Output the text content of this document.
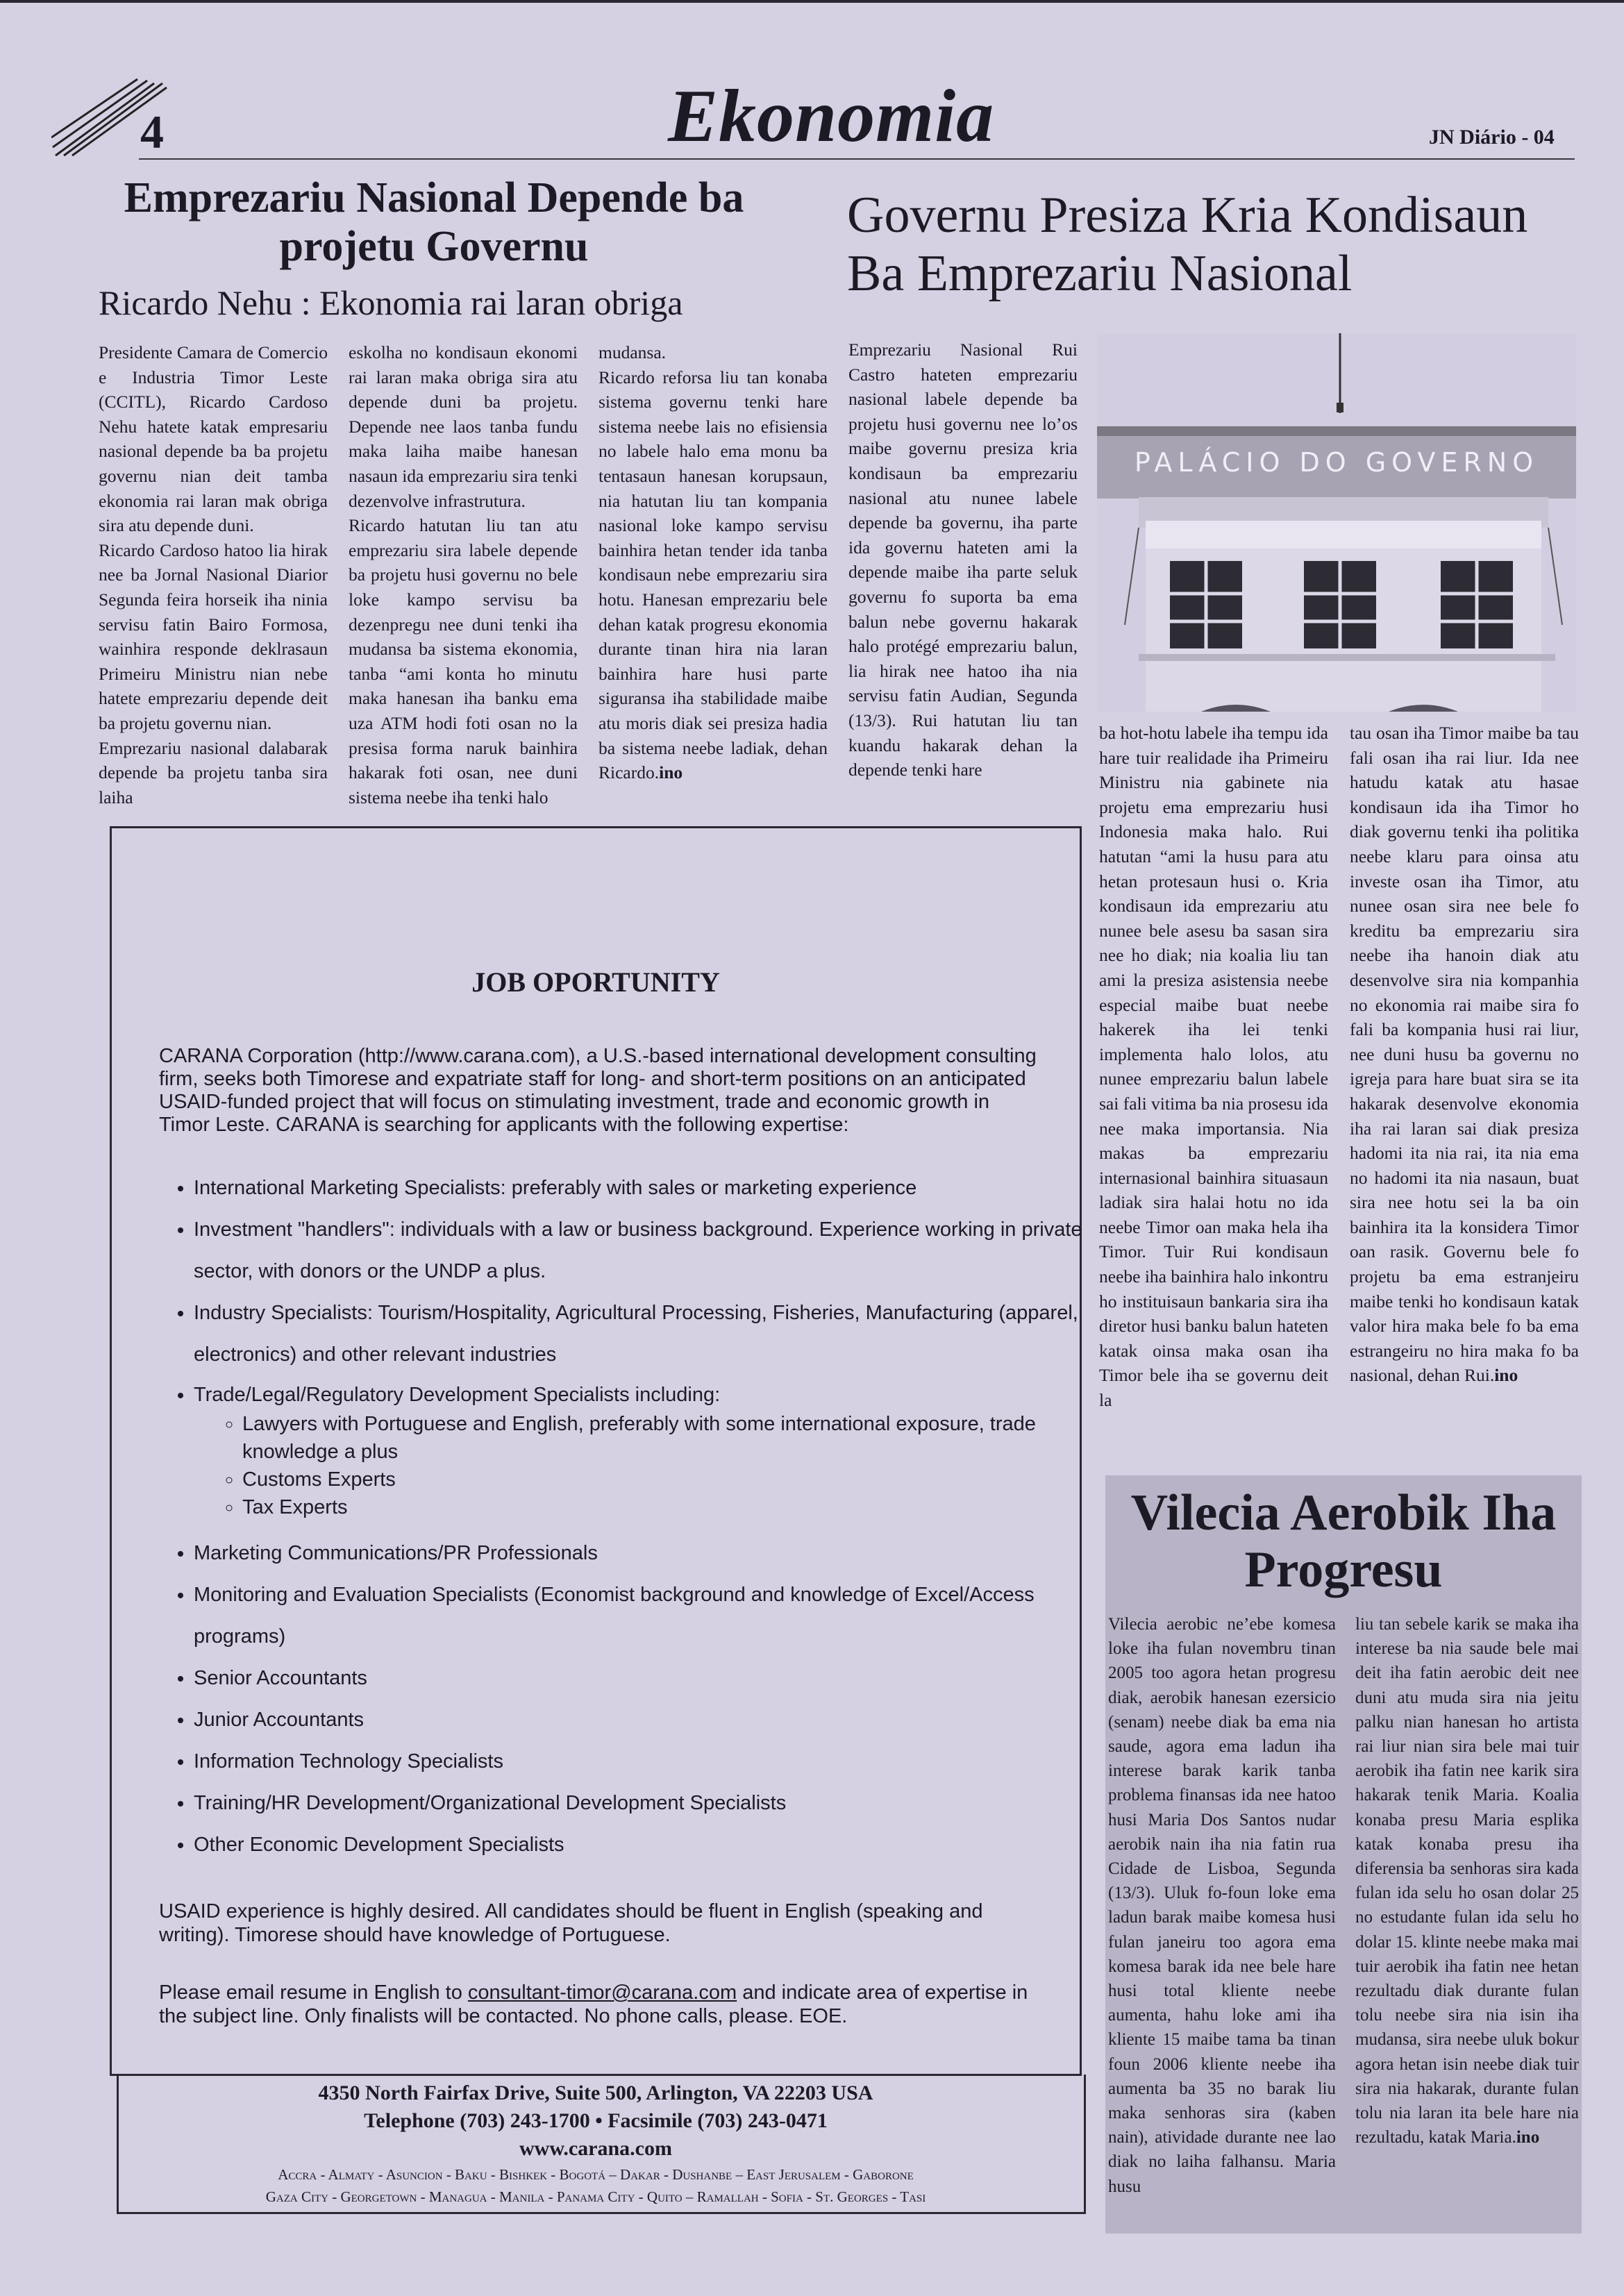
4	Ekonomia	JN Diário - 04
Emprezariu Nasional Depende ba
projetu Governu
Ricardo Nehu : Ekonomia rai laran obriga

Presidente Camara de Comercio e Industria Timor Leste (CCITL), Ricardo Cardoso Nehu hatete katak empresariu nasional depende ba ba projetu governu nian deit tamba ekonomia rai laran mak obriga sira atu depende duni.

Ricardo Cardoso hatoo lia hirak nee ba Jornal Nasional Diarior Segunda feira horseik iha ninia servisu fatin Bairo Formosa, wainhira responde deklrasaun Primeiru Ministru nian nebe hatete emprezariu depende deit ba projetu governu nian.

Emprezariu nasional dalabarak depende ba projetu tanba sira laiha

eskolha no kondisaun ekonomi rai laran maka obriga sira atu depende duni ba projetu. Depende nee laos tanba fundu maka laiha maibe hanesan nasaun ida emprezariu sira tenki dezenvolve infrastrutura.

Ricardo hatutan liu tan atu emprezariu sira labele depende ba projetu husi governu no bele loke kampo servisu ba dezenpregu nee duni tenki iha mudansa ba sistema ekonomia, tanba “ami konta ho minutu maka hanesan iha banku ema uza ATM hodi foti osan no la presisa forma naruk bainhira hakarak foti osan, nee duni sistema neebe iha tenki halo

mudansa.

Ricardo reforsa liu tan konaba sistema governu tenki hare sistema neebe lais no efisiensia no labele halo ema monu ba tentasaun hanesan korupsaun, nia hatutan liu tan kompania nasional loke kampo servisu bainhira hetan tender ida tanba kondisaun nebe emprezariu sira hotu. Hanesan emprezariu bele dehan katak progresu ekonomia durante tinan hira nia laran bainhira hare husi parte siguransa iha stabilidade maibe atu moris diak sei presiza hadia ba sistema neebe ladiak, dehan Ricardo.ino

Governu Presiza Kria Kondisaun
Ba Emprezariu Nasional

Emprezariu Nasional Rui Castro hateten emprezariu nasional labele depende ba projetu husi governu nee lo’os maibe governu presiza kria kondisaun ba emprezariu nasional atu nunee labele depende ba governu, iha parte ida governu hateten ami la depende maibe iha parte seluk governu fo suporta ba ema balun nebe governu hakarak halo protégé emprezariu balun, lia hirak nee hatoo iha nia servisu fatin Audian, Segunda (13/3). Rui hatutan liu tan kuandu hakarak dehan la depende tenki hare

PALÁCIO DO GOVERNO

ba hot-hotu labele iha tempu ida hare tuir realidade iha Primeiru Ministru nia gabinete nia projetu ema emprezariu husi Indonesia maka halo. Rui hatutan “ami la husu para atu hetan protesaun husi o. Kria kondisaun ida emprezariu atu nunee bele asesu ba sasan sira nee ho diak; nia koalia liu tan ami la presiza asistensia neebe especial maibe buat neebe hakerek iha lei tenki implementa halo lolos, atu nunee emprezariu balun labele sai fali vitima ba nia prosesu ida nee maka importansia. Nia makas ba emprezariu internasional bainhira situasaun ladiak sira halai hotu no ida neebe Timor oan maka hela iha Timor. Tuir Rui kondisaun neebe iha bainhira halo inkontru ho instituisaun bankaria sira iha diretor husi banku balun hateten katak oinsa maka osan iha Timor bele iha se governu deit la

tau osan iha Timor maibe ba tau fali osan iha rai liur. Ida nee hatudu katak atu hasae kondisaun ida iha Timor ho diak governu tenki iha politika neebe klaru para oinsa atu investe osan iha Timor, atu nunee osan sira nee bele fo kreditu ba emprezariu sira neebe iha hanoin diak atu desenvolve sira nia kompanhia no ekonomia rai maibe sira fo fali ba kompania husi rai liur, nee duni husu ba governu no igreja para hare buat sira se ita hakarak desenvolve ekonomia iha rai laran sai diak presiza hadomi ita nia rai, ita nia ema no hadomi ita nia nasaun, buat sira nee hotu sei la ba oin bainhira ita la konsidera Timor oan rasik. Governu bele fo projetu ba ema estranjeiru maibe tenki ho kondisaun katak valor hira maka bele fo ba ema estrangeiru no hira maka fo ba nasional, dehan Rui.ino

JOB OPORTUNITY
CARANA Corporation (http://www.carana.com), a U.S.-based international development consulting firm, seeks both Timorese and expatriate staff for long- and short-term positions on an anticipated USAID-funded project that will focus on stimulating investment, trade and economic growth in Timor Leste. CARANA is searching for applicants with the following expertise:
• International Marketing Specialists: preferably with sales or marketing experience
• Investment "handlers": individuals with a law or business background. Experience working in private sector, with donors or the UNDP a plus.
• Industry Specialists: Tourism/Hospitality, Agricultural Processing, Fisheries, Manufacturing (apparel, electronics) and other relevant industries
• Trade/Legal/Regulatory Development Specialists including:
◦ Lawyers with Portuguese and English, preferably with some international exposure, trade knowledge a plus
◦ Customs Experts
◦ Tax Experts
• Marketing Communications/PR Professionals
• Monitoring and Evaluation Specialists (Economist background and knowledge of Excel/Access programs)
• Senior Accountants
• Junior Accountants
• Information Technology Specialists
• Training/HR Development/Organizational Development Specialists
• Other Economic Development Specialists
USAID experience is highly desired. All candidates should be fluent in English (speaking and writing). Timorese should have knowledge of Portuguese.
Please email resume in English to consultant-timor@carana.com and indicate area of expertise in the subject line. Only finalists will be contacted. No phone calls, please. EOE.
4350 North Fairfax Drive, Suite 500, Arlington, VA 22203 USA
Telephone (703) 243-1700 • Facsimile (703) 243-0471
www.carana.com
Accra - Almaty - Asuncion - Baku - Bishkek - Bogotá – Dakar - Dushanbe – East Jerusalem - Gaborone
Gaza City - Georgetown - Managua - Manila - Panama City - Quito – Ramallah - Sofia - St. Georges - Tasi
Vilecia Aerobik Iha
Progresu

Vilecia aerobic ne’ebe komesa loke iha fulan novembru tinan 2005 too agora hetan progresu diak, aerobik hanesan ezersicio (senam) neebe diak ba ema nia saude, agora ema ladun iha interese barak karik tanba problema finansas ida nee hatoo husi Maria Dos Santos nudar aerobik nain iha nia fatin rua Cidade de Lisboa, Segunda (13/3). Uluk fo-foun loke ema ladun barak maibe komesa husi fulan janeiru too agora ema komesa barak ida nee bele hare husi total kliente neebe aumenta, hahu loke ami iha kliente 15 maibe tama ba tinan foun 2006 kliente neebe iha aumenta ba 35 no barak liu maka senhoras sira (kaben nain), atividade durante nee lao diak no laiha falhansu. Maria husu

liu tan sebele karik se maka iha interese ba nia saude bele mai deit iha fatin aerobic deit nee duni atu muda sira nia jeitu palku nian hanesan ho artista rai liur nian sira bele mai tuir aerobik iha fatin nee karik sira hakarak tenik Maria. Koalia konaba presu Maria esplika katak konaba presu iha diferensia ba senhoras sira kada fulan ida selu ho osan dolar 25 no estudante fulan ida selu ho dolar 15. klinte neebe maka mai tuir aerobik iha fatin nee hetan rezultadu diak durante fulan tolu neebe sira nia isin iha mudansa, sira neebe uluk bokur agora hetan isin neebe diak tuir sira nia hakarak, durante fulan tolu nia laran ita bele hare nia rezultadu, katak Maria.ino
